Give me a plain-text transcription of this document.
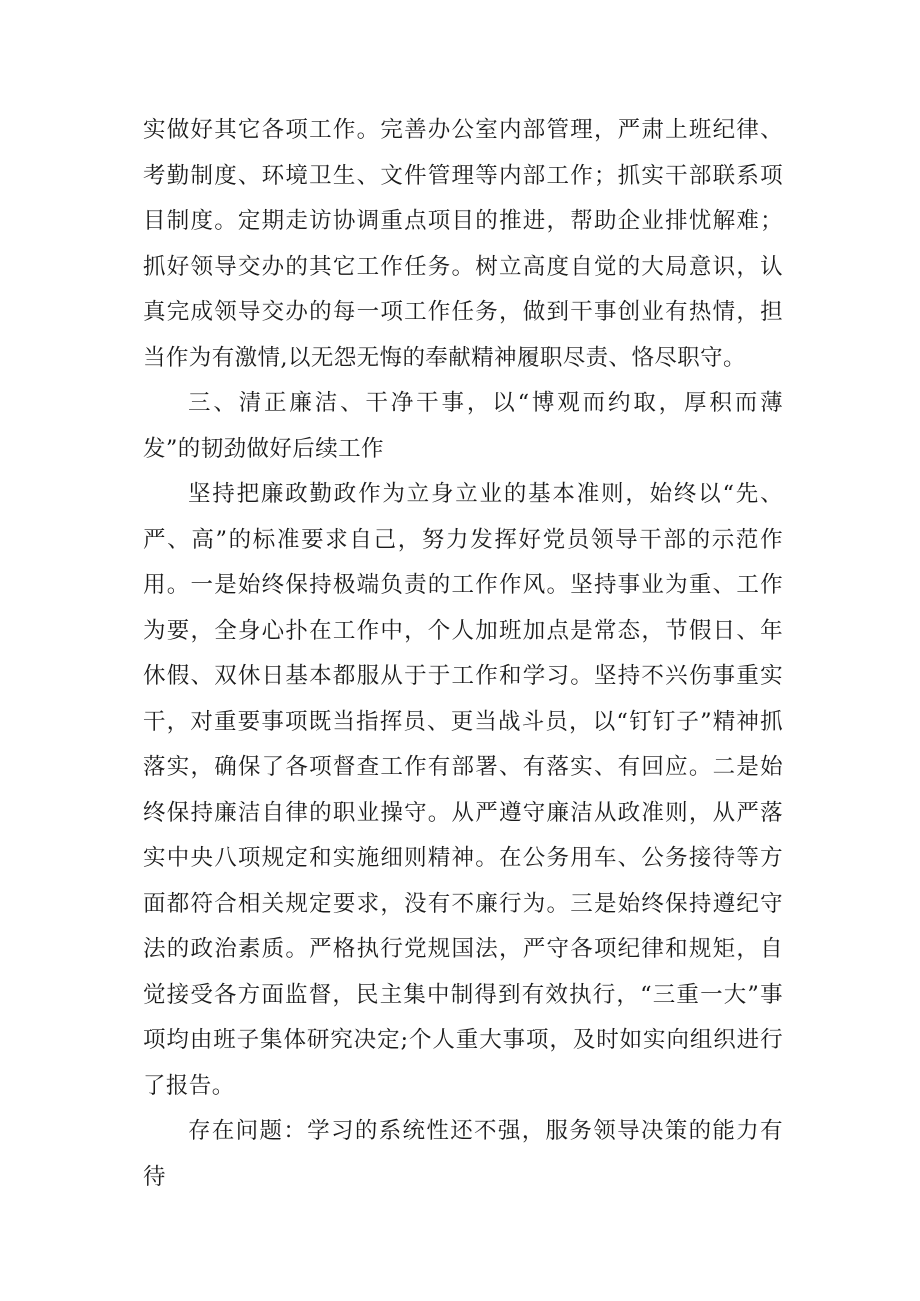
实做好其它各项工作。完善办公室内部管理，严肃上班纪律、考勤制度、环境卫生、文件管理等内部工作；抓实干部联系项目制度。定期走访协调重点项目的推进，帮助企业排忧解难；抓好领导交办的其它工作任务。树立高度自觉的大局意识，认真完成领导交办的每一项工作任务，做到干事创业有热情，担当作为有激情,以无怨无悔的奉献精神履职尽责、恪尽职守。

三、清正廉洁、干净干事，以“博观而约取，厚积而薄发”的韧劲做好后续工作

坚持把廉政勤政作为立身立业的基本准则，始终以“先、严、高”的标准要求自己，努力发挥好党员领导干部的示范作用。一是始终保持极端负责的工作作风。坚持事业为重、工作为要，全身心扑在工作中，个人加班加点是常态，节假日、年休假、双休日基本都服从于于工作和学习。坚持不兴伤事重实干，对重要事项既当指挥员、更当战斗员，以“钉钉子”精神抓落实，确保了各项督查工作有部署、有落实、有回应。二是始终保持廉洁自律的职业操守。从严遵守廉洁从政准则，从严落实中央八项规定和实施细则精神。在公务用车、公务接待等方面都符合相关规定要求，没有不廉行为。三是始终保持遵纪守法的政治素质。严格执行党规国法，严守各项纪律和规矩，自觉接受各方面监督，民主集中制得到有效执行，“三重一大”事项均由班子集体研究决定;个人重大事项，及时如实向组织进行了报告。

存在问题：学习的系统性还不强，服务领导决策的能力有待
